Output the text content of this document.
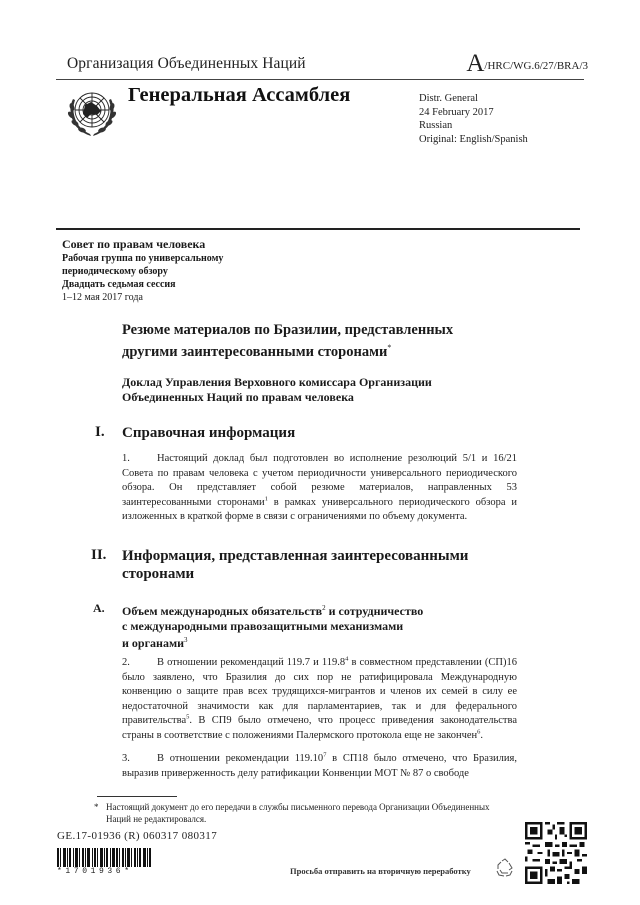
Организация Объединенных Наций	A/HRC/WG.6/27/BRA/3
Генеральная Ассамблея	Distr. General
24 February 2017
Russian
Original: English/Spanish
Совет по правам человека
Рабочая группа по универсальному
периодическому обзору
Двадцать седьмая сессия
1–12 мая 2017 года
Резюме материалов по Бразилии, представленных
другими заинтересованными сторонами*
Доклад Управления Верховного комиссара Организации
Объединенных Наций по правам человека
I. Справочная информация
1.	Настоящий доклад был подготовлен во исполнение резолюций 5/1 и 16/21 Совета по правам человека с учетом периодичности универсального периодического обзора. Он представляет собой резюме материалов, направленных 53 заинтересованными сторонами$^1$ в рамках универсального периодического обзора и изложенных в краткой форме в связи с ограничениями по объему документа.
II. Информация, представленная заинтересованными
сторонами
A. Объем международных обязательств$^2$ и сотрудничество
с международными правозащитными механизмами
и органами$^3$
2.	В отношении рекомендаций 119.7 и 119.8$^4$ в совместном представлении (СП)16 было заявлено, что Бразилия до сих пор не ратифицировала Международную конвенцию о защите прав всех трудящихся-мигрантов и членов их семей в силу ее недостаточной значимости как для парламентариев, так и для федерального правительства$^5$. В СП9 было отмечено, что процесс приведения законодательства страны в соответствие с положениями Палермского протокола еще не закончен$^6$.
3.	В отношении рекомендации 119.10$^7$ в СП18 было отмечено, что Бразилия, выразив приверженность делу ратификации Конвенции МОТ № 87 о свободе
* Настоящий документ до его передачи в службы письменного перевода Организации Объединенных Наций не редактировался.
GE.17-01936 (R) 060317 080317
*1701936*	Просьба отправить на вторичную переработку
